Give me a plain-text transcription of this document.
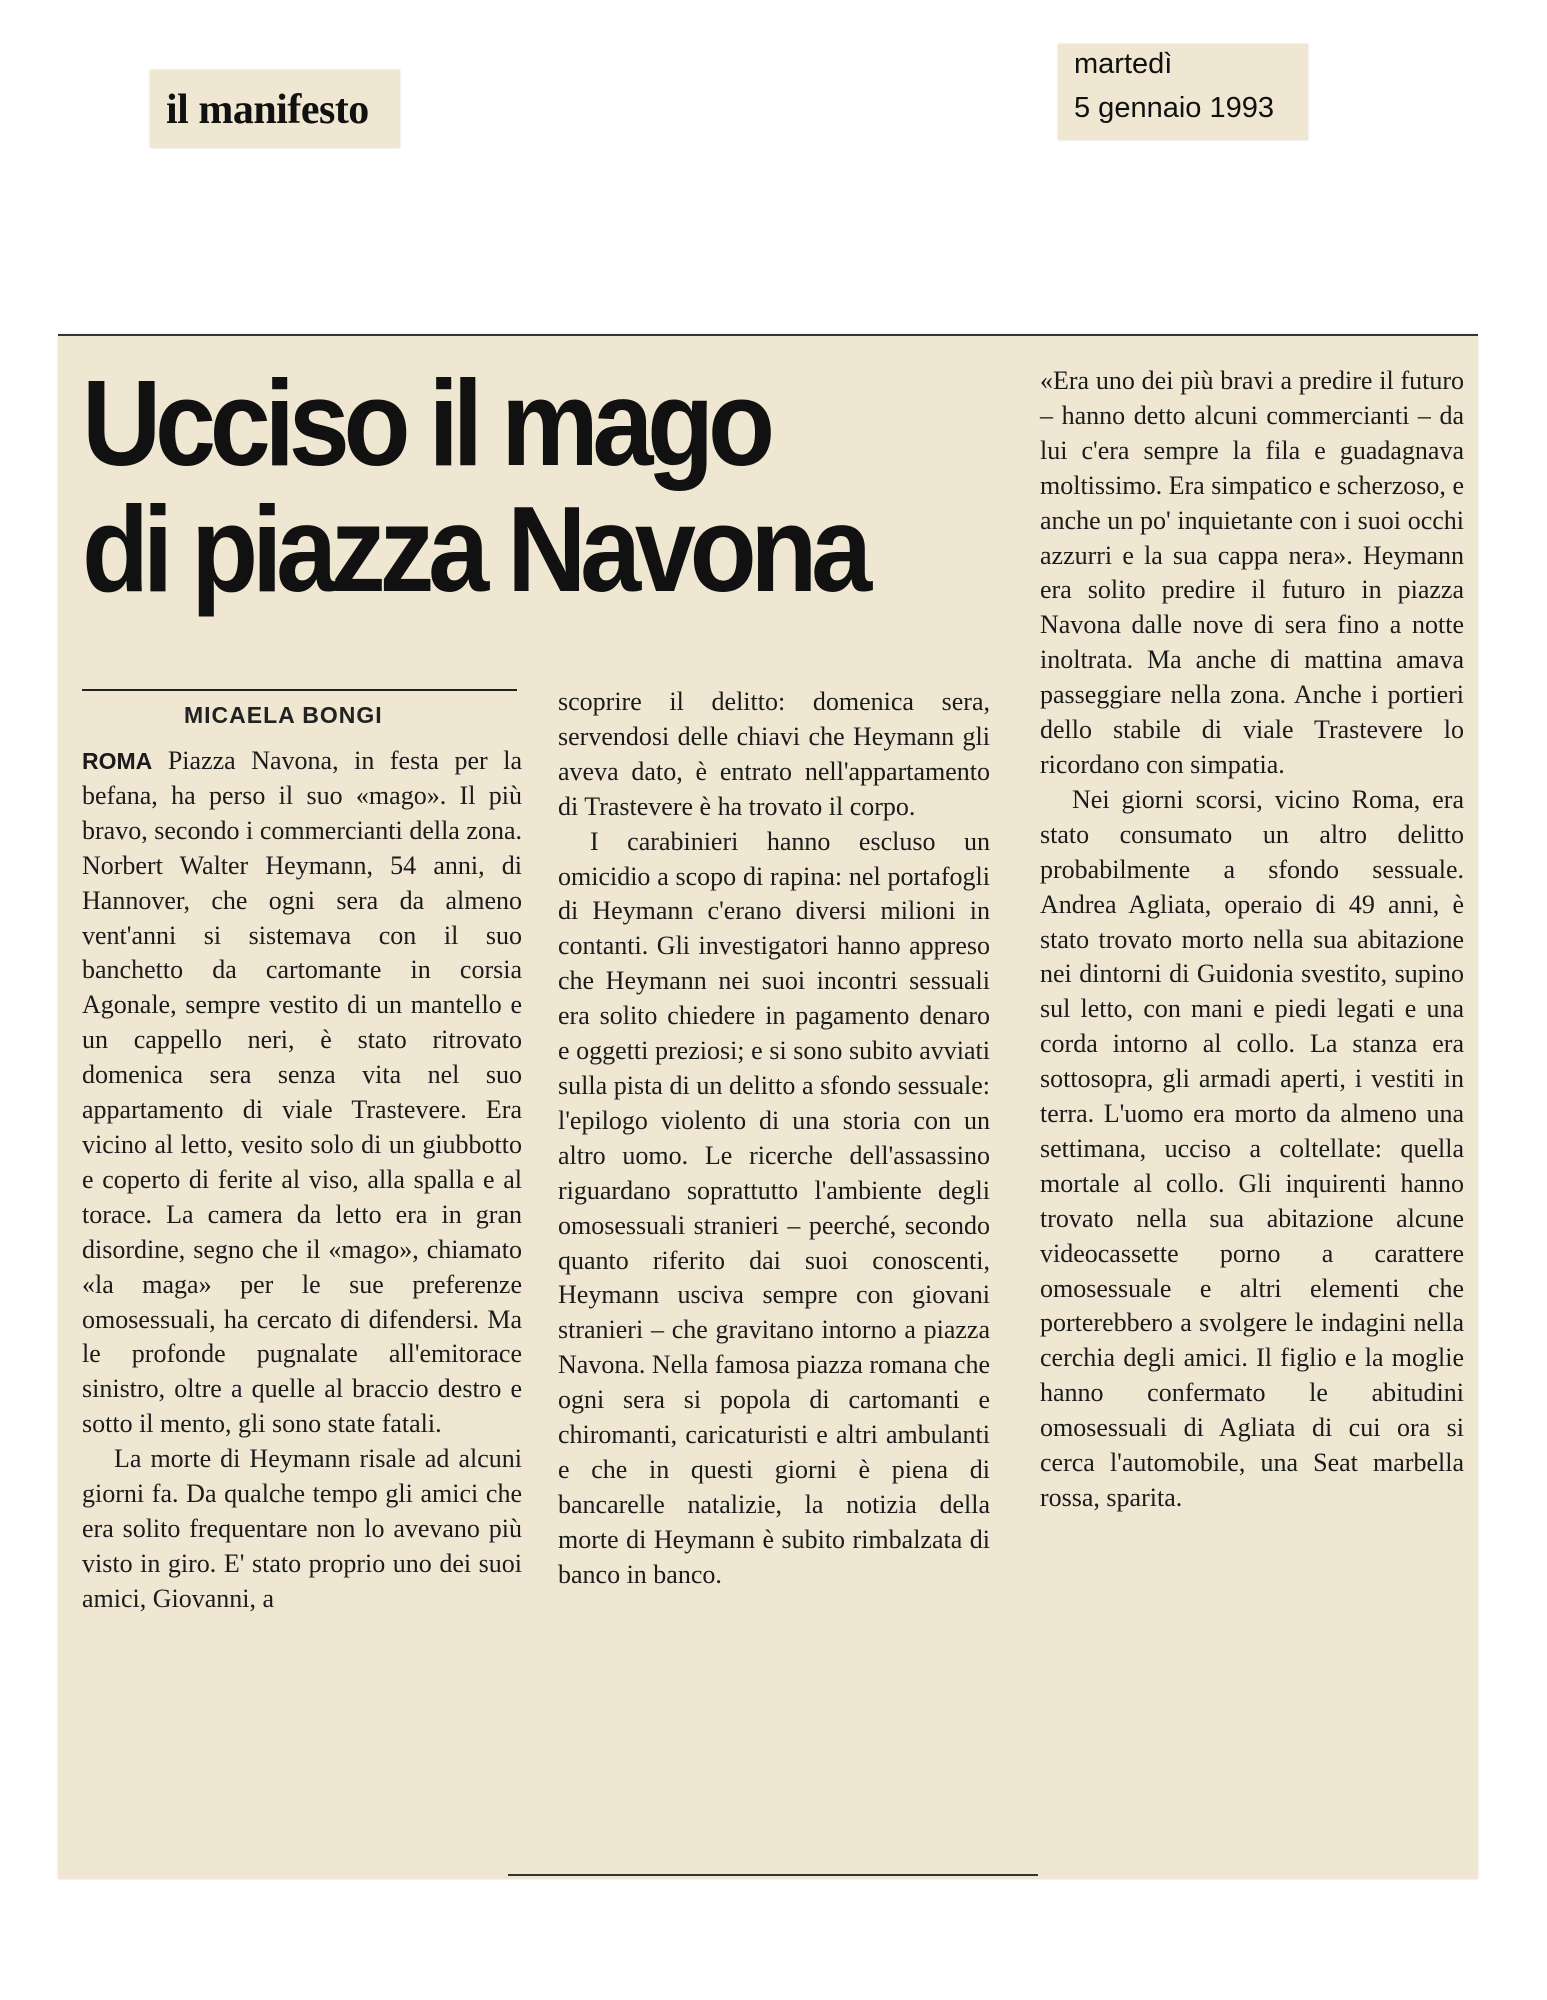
il manifesto
martedì
5 gennaio 1993
Ucciso il mago
di piazza Navona
MICAELA BONGI

ROMA Piazza Navona, in festa per la befana, ha perso il suo «mago». Il più bravo, secondo i commercianti della zona. Norbert Walter Heymann, 54 anni, di Hannover, che ogni sera da almeno vent'anni si sistemava con il suo banchetto da cartomante in corsia Agonale, sempre vestito di un mantello e un cappello neri, è stato ritrovato domenica sera senza vita nel suo appartamento di viale Trastevere. Era vicino al letto, vesito solo di un giubbotto e coperto di ferite al viso, alla spalla e al torace. La camera da letto era in gran disordine, segno che il «mago», chiamato «la maga» per le sue preferenze omosessuali, ha cercato di difendersi. Ma le profonde pugnalate all'emitorace sinistro, oltre a quelle al braccio destro e sotto il mento, gli sono state fatali.

La morte di Heymann risale ad alcuni giorni fa. Da qualche tempo gli amici che era solito frequentare non lo avevano più visto in giro. E' stato proprio uno dei suoi amici, Giovanni, a

scoprire il delitto: domenica sera, servendosi delle chiavi che Heymann gli aveva dato, è entrato nell'appartamento di Trastevere è ha trovato il corpo.

I carabinieri hanno escluso un omicidio a scopo di rapina: nel portafogli di Heymann c'erano diversi milioni in contanti. Gli investigatori hanno appreso che Heymann nei suoi incontri sessuali era solito chiedere in pagamento denaro e oggetti preziosi; e si sono subito avviati sulla pista di un delitto a sfondo sessuale: l'epilogo violento di una storia con un altro uomo. Le ricerche dell'assassino riguardano soprattutto l'ambiente degli omosessuali stranieri – peerché, secondo quanto riferito dai suoi conoscenti, Heymann usciva sempre con giovani stranieri – che gravitano intorno a piazza Navona. Nella famosa piazza romana che ogni sera si popola di cartomanti e chiromanti, caricaturisti e altri ambulanti e che in questi giorni è piena di bancarelle natalizie, la notizia della morte di Heymann è subito rimbalzata di banco in banco.

«Era uno dei più bravi a predire il futuro – hanno detto alcuni commercianti – da lui c'era sempre la fila e guadagnava moltissimo. Era simpatico e scherzoso, e anche un po' inquietante con i suoi occhi azzurri e la sua cappa nera». Heymann era solito predire il futuro in piazza Navona dalle nove di sera fino a notte inoltrata. Ma anche di mattina amava passeggiare nella zona. Anche i portieri dello stabile di viale Trastevere lo ricordano con simpatia.

Nei giorni scorsi, vicino Roma, era stato consumato un altro delitto probabilmente a sfondo sessuale. Andrea Agliata, operaio di 49 anni, è stato trovato morto nella sua abitazione nei dintorni di Guidonia svestito, supino sul letto, con mani e piedi legati e una corda intorno al collo. La stanza era sottosopra, gli armadi aperti, i vestiti in terra. L'uomo era morto da almeno una settimana, ucciso a coltellate: quella mortale al collo. Gli inquirenti hanno trovato nella sua abitazione alcune videocassette porno a carattere omosessuale e altri elementi che porterebbero a svolgere le indagini nella cerchia degli amici. Il figlio e la moglie hanno confermato le abitudini omosessuali di Agliata di cui ora si cerca l'automobile, una Seat marbella rossa, sparita.
